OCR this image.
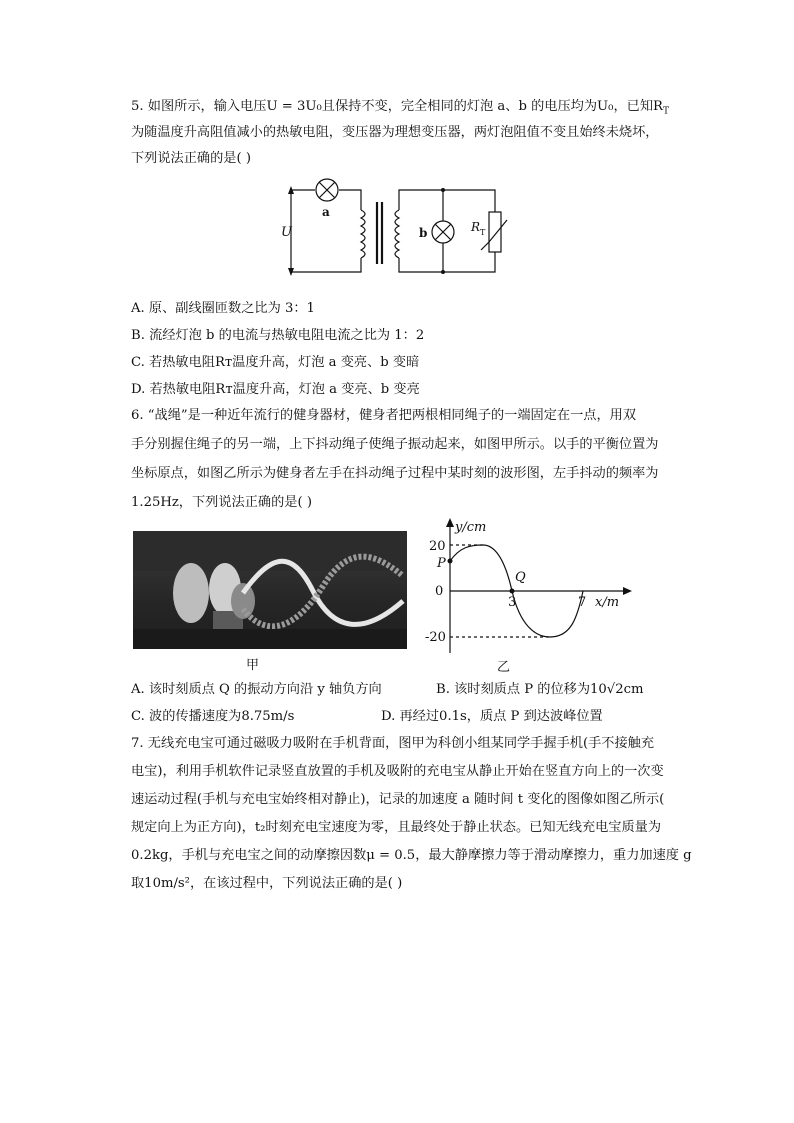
5. 如图所示，输入电压U = 3U₀且保持不变，完全相同的灯泡 a、b 的电压均为U₀，已知$R_T$
为随温度升高阻值减小的热敏电阻，变压器为理想变压器，两灯泡阻值不变且始终未烧坏，
下列说法正确的是( )
U
a
b	R T
A. 原、副线圈匝数之比为 3：1
B. 流经灯泡 b 的电流与热敏电阻电流之比为 1：2
C. 若热敏电阻Rᴛ温度升高，灯泡 a 变亮、b 变暗
D. 若热敏电阻Rᴛ温度升高，灯泡 a 变亮、b 变亮
6. “战绳”是一种近年流行的健身器材，健身者把两根相同绳子的一端固定在一点，用双
手分别握住绳子的另一端，上下抖动绳子使绳子振动起来，如图甲所示。以手的平衡位置为
坐标原点，如图乙所示为健身者左手在抖动绳子过程中某时刻的波形图，左手抖动的频率为
1.25Hz，下列说法正确的是( )
甲
y/cm
x/m
20
0
-20
3	7
P
Q
乙
A. 该时刻质点 Q 的振动方向沿 y 轴负方向	B. 该时刻质点 P 的位移为10√2cm
C. 波的传播速度为8.75m/s	D. 再经过0.1s，质点 P 到达波峰位置
7. 无线充电宝可通过磁吸力吸附在手机背面，图甲为科创小组某同学手握手机(手不接触充
电宝)，利用手机软件记录竖直放置的手机及吸附的充电宝从静止开始在竖直方向上的一次变
速运动过程(手机与充电宝始终相对静止)，记录的加速度 a 随时间 t 变化的图像如图乙所示(
规定向上为正方向)，t₂时刻充电宝速度为零，且最终处于静止状态。已知无线充电宝质量为
0.2kg，手机与充电宝之间的动摩擦因数μ = 0.5，最大静摩擦力等于滑动摩擦力，重力加速度 g
取10m/s²，在该过程中，下列说法正确的是( )
